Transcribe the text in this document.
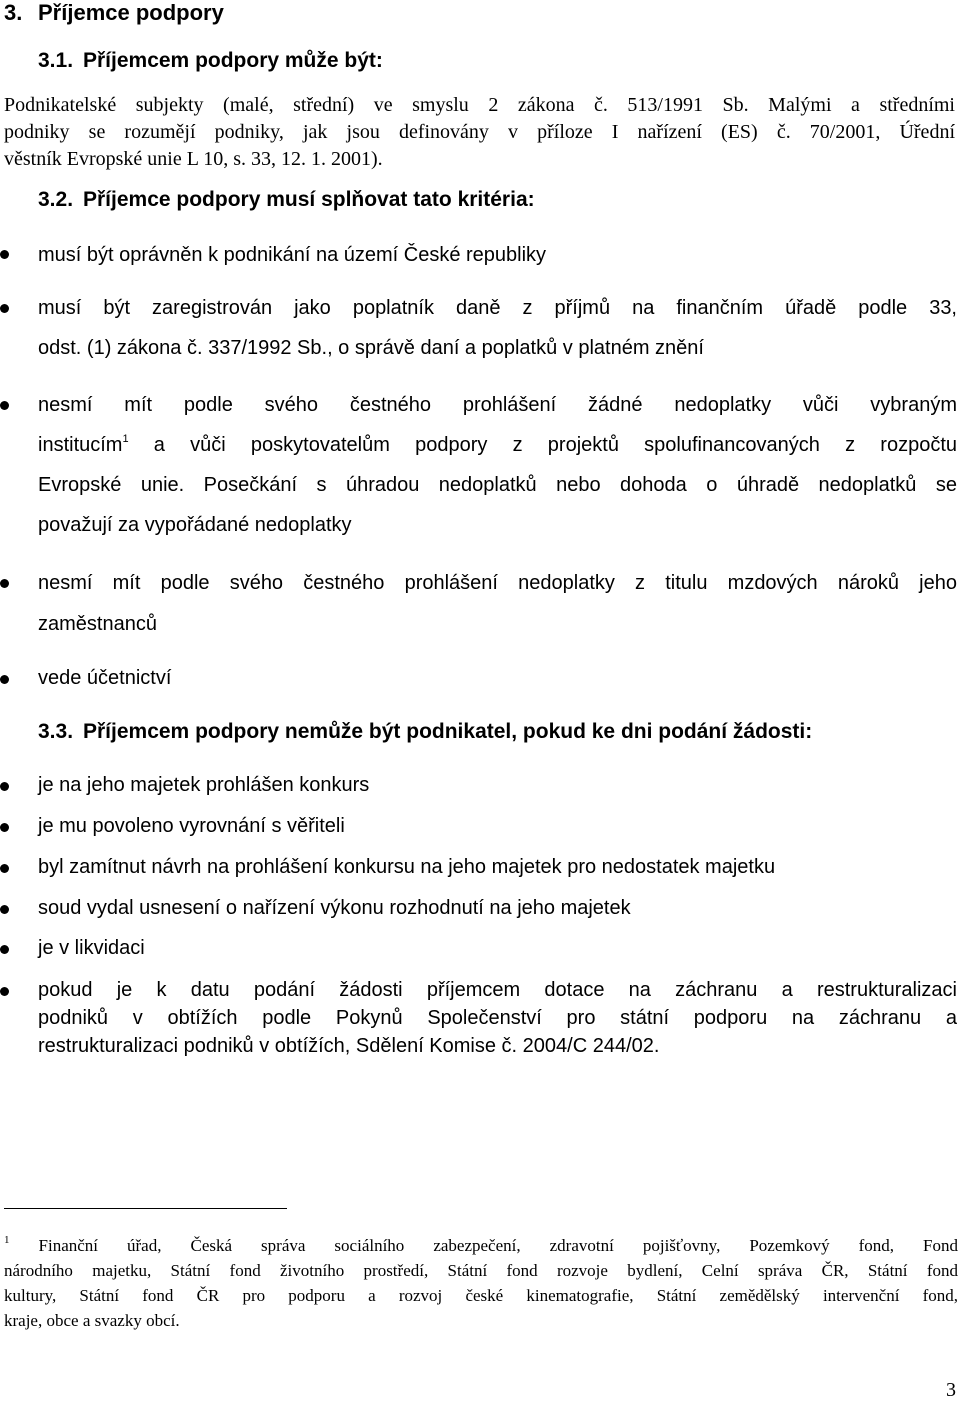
3. Příjemce podpory
3.1. Příjemcem podpory může být:
Podnikatelské subjekty (malé, střední) ve smyslu 2 zákona č. 513/1991 Sb. Malými a středními
podniky se rozumějí podniky, jak jsou definovány v příloze I nařízení (ES) č. 70/2001, Úřední
věstník Evropské unie L 10, s. 33, 12. 1. 2001).
3.2. Příjemce podpory musí splňovat tato kritéria:
musí být oprávněn k podnikání na území České republiky
musí být zaregistrován jako poplatník daně z příjmů na finančním úřadě podle 33,
odst. (1) zákona č. 337/1992 Sb., o správě daní a poplatků v platném znění
nesmí mít podle svého čestného prohlášení žádné nedoplatky vůči vybraným
institucím$^1$ a vůči poskytovatelům podpory z projektů spolufinancovaných z rozpočtu
Evropské unie. Posečkání s úhradou nedoplatků nebo dohoda o úhradě nedoplatků se
považují za vypořádané nedoplatky
nesmí mít podle svého čestného prohlášení nedoplatky z titulu mzdových nároků jeho
zaměstnanců
vede účetnictví
3.3. Příjemcem podpory nemůže být podnikatel, pokud ke dni podání žádosti:
je na jeho majetek prohlášen konkurs
je mu povoleno vyrovnání s věřiteli
byl zamítnut návrh na prohlášení konkursu na jeho majetek pro nedostatek majetku
soud vydal usnesení o nařízení výkonu rozhodnutí na jeho majetek
je v likvidaci
pokud je k datu podání žádosti příjemcem dotace na záchranu a restrukturalizaci
podniků v obtížích podle Pokynů Společenství pro státní podporu na záchranu a
restrukturalizaci podniků v obtížích, Sdělení Komise č. 2004/C 244/02.
$^1$ Finanční úřad, Česká správa sociálního zabezpečení, zdravotní pojišťovny, Pozemkový fond, Fond
národního majetku, Státní fond životního prostředí, Státní fond rozvoje bydlení, Celní správa ČR, Státní fond
kultury, Státní fond ČR pro podporu a rozvoj české kinematografie, Státní zemědělský intervenční fond,
kraje, obce a svazky obcí.
3
